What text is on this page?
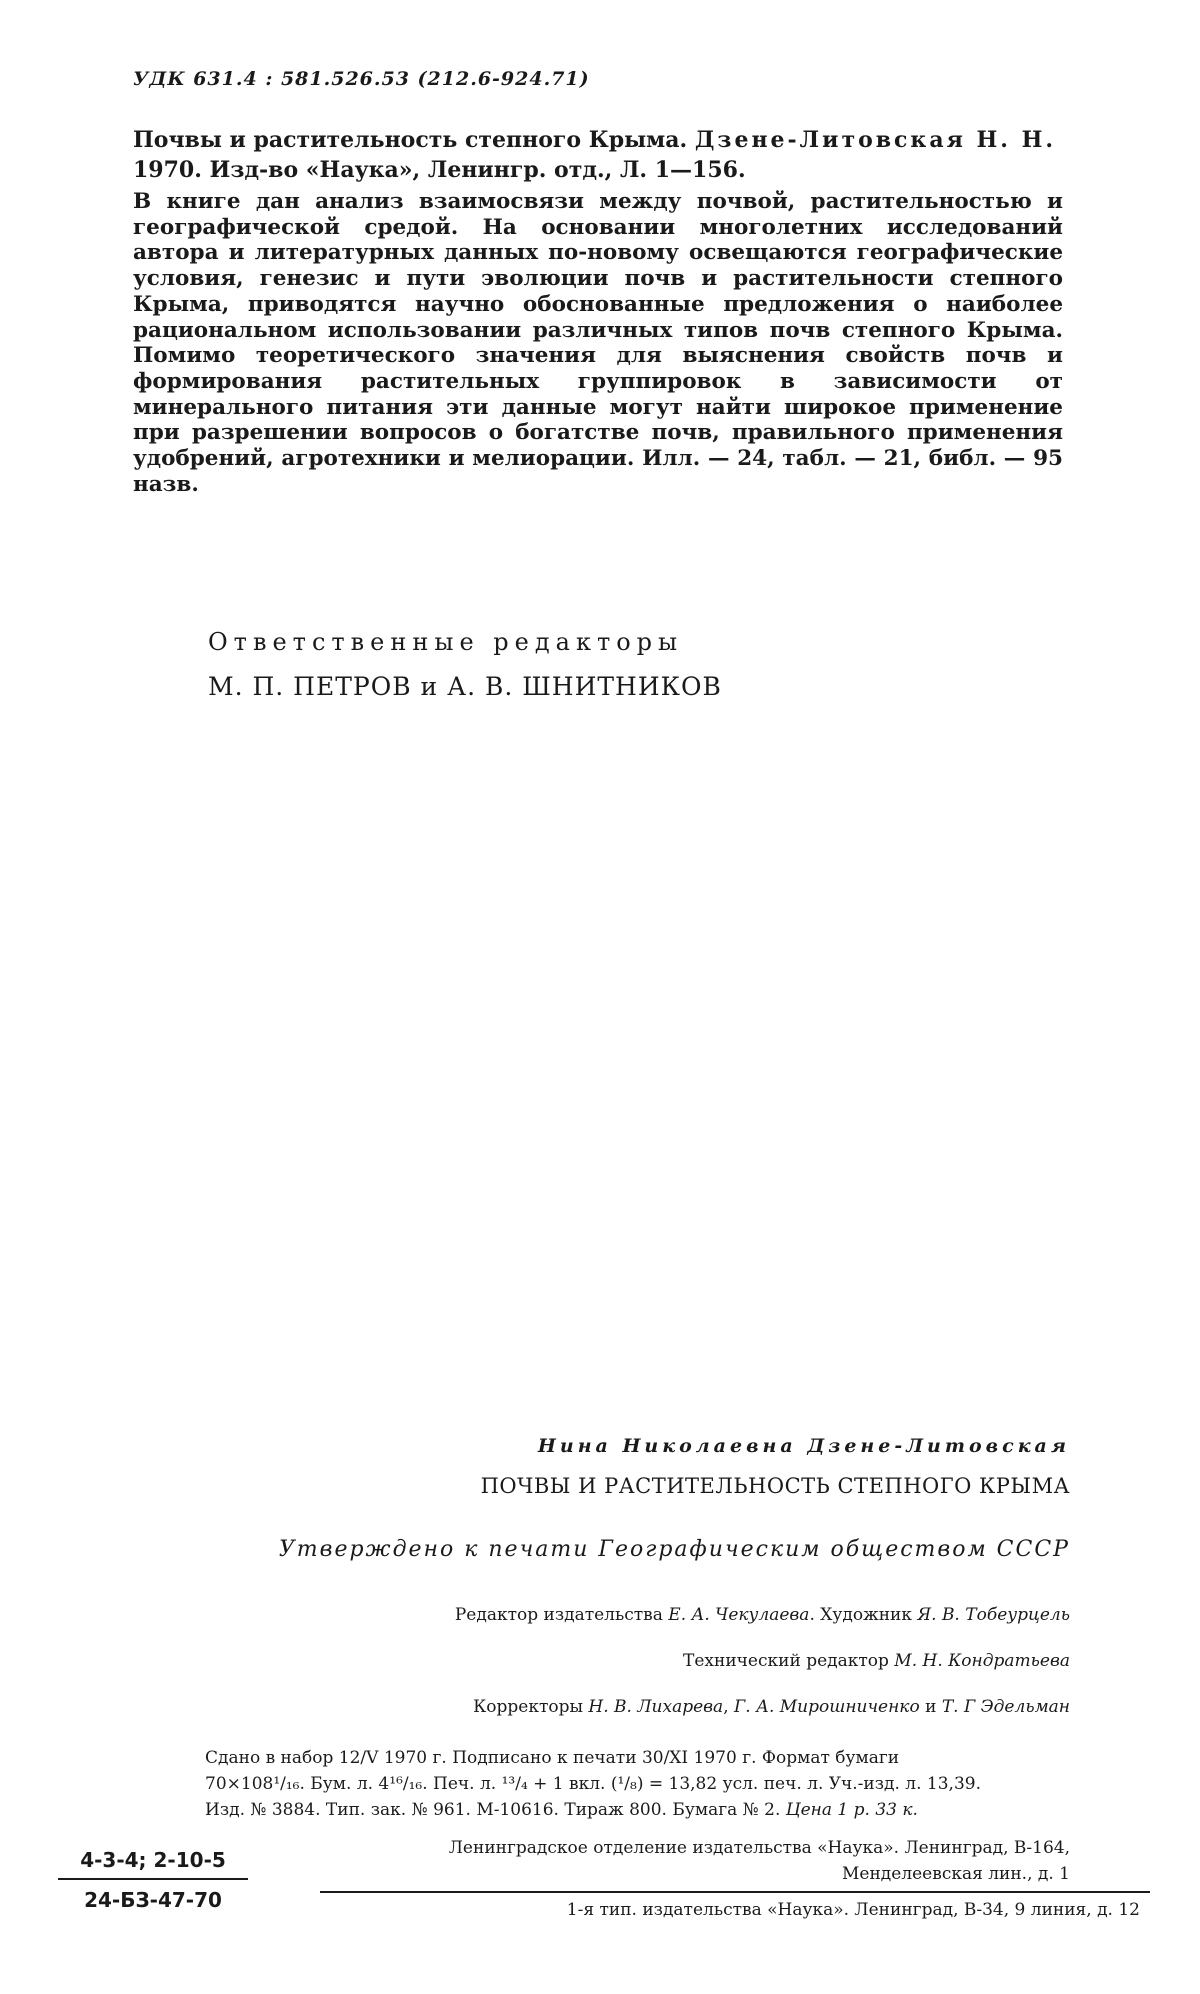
УДК 631.4 : 581.526.53 (212.6-924.71)
Почвы и растительность степного Крыма. Дзене-Литовская Н. Н.
1970. Изд-во «Наука», Ленингр. отд., Л. 1—156.
В книге дан анализ взаимосвязи между почвой, растительностью и географической средой. На основании многолетних исследований автора и литературных данных по-новому освещаются географические условия, генезис и пути эволюции почв и растительности степного Крыма, приводятся научно обоснованные предложения о наиболее рациональном использовании различных типов почв степного Крыма. Помимо теоретического значения для выяснения свойств почв и формирования растительных группировок в зависимости от минерального питания эти данные могут найти широкое применение при разрешении вопросов о богатстве почв, правильного применения удобрений, агротехники и мелиорации. Илл. — 24, табл. — 21, библ. — 95 назв.
Ответственные редакторы
М. П. ПЕТРОВ и А. В. ШНИТНИКОВ
Нина Николаевна Дзене-Литовская
ПОЧВЫ И РАСТИТЕЛЬНОСТЬ СТЕПНОГО КРЫМА
Утверждено к печати Географическим обществом СССР
Редактор издательства Е. А. Чекулаева. Художник Я. В. Тобеурцель
Технический редактор М. Н. Кондратьева
Корректоры Н. В. Лихарева, Г. А. Мирошниченко и Т. Г Эдельман
Сдано в набор 12/V 1970 г. Подписано к печати 30/XI 1970 г. Формат бумаги
70×108¹/₁₆. Бум. л. 4¹⁶/₁₆. Печ. л. ¹³/₄ + 1 вкл. (¹/₈) = 13,82 усл. печ. л. Уч.-изд. л. 13,39.
Изд. № 3884. Тип. зак. № 961. М-10616. Тираж 800. Бумага № 2. Цена 1 р. 33 к.
4-3-4; 2-10-5
24-БЗ-47-70
Ленинградское отделение издательства «Наука». Ленинград, В-164,
Менделеевская лин., д. 1
1-я тип. издательства «Наука». Ленинград, В-34, 9 линия, д. 12
